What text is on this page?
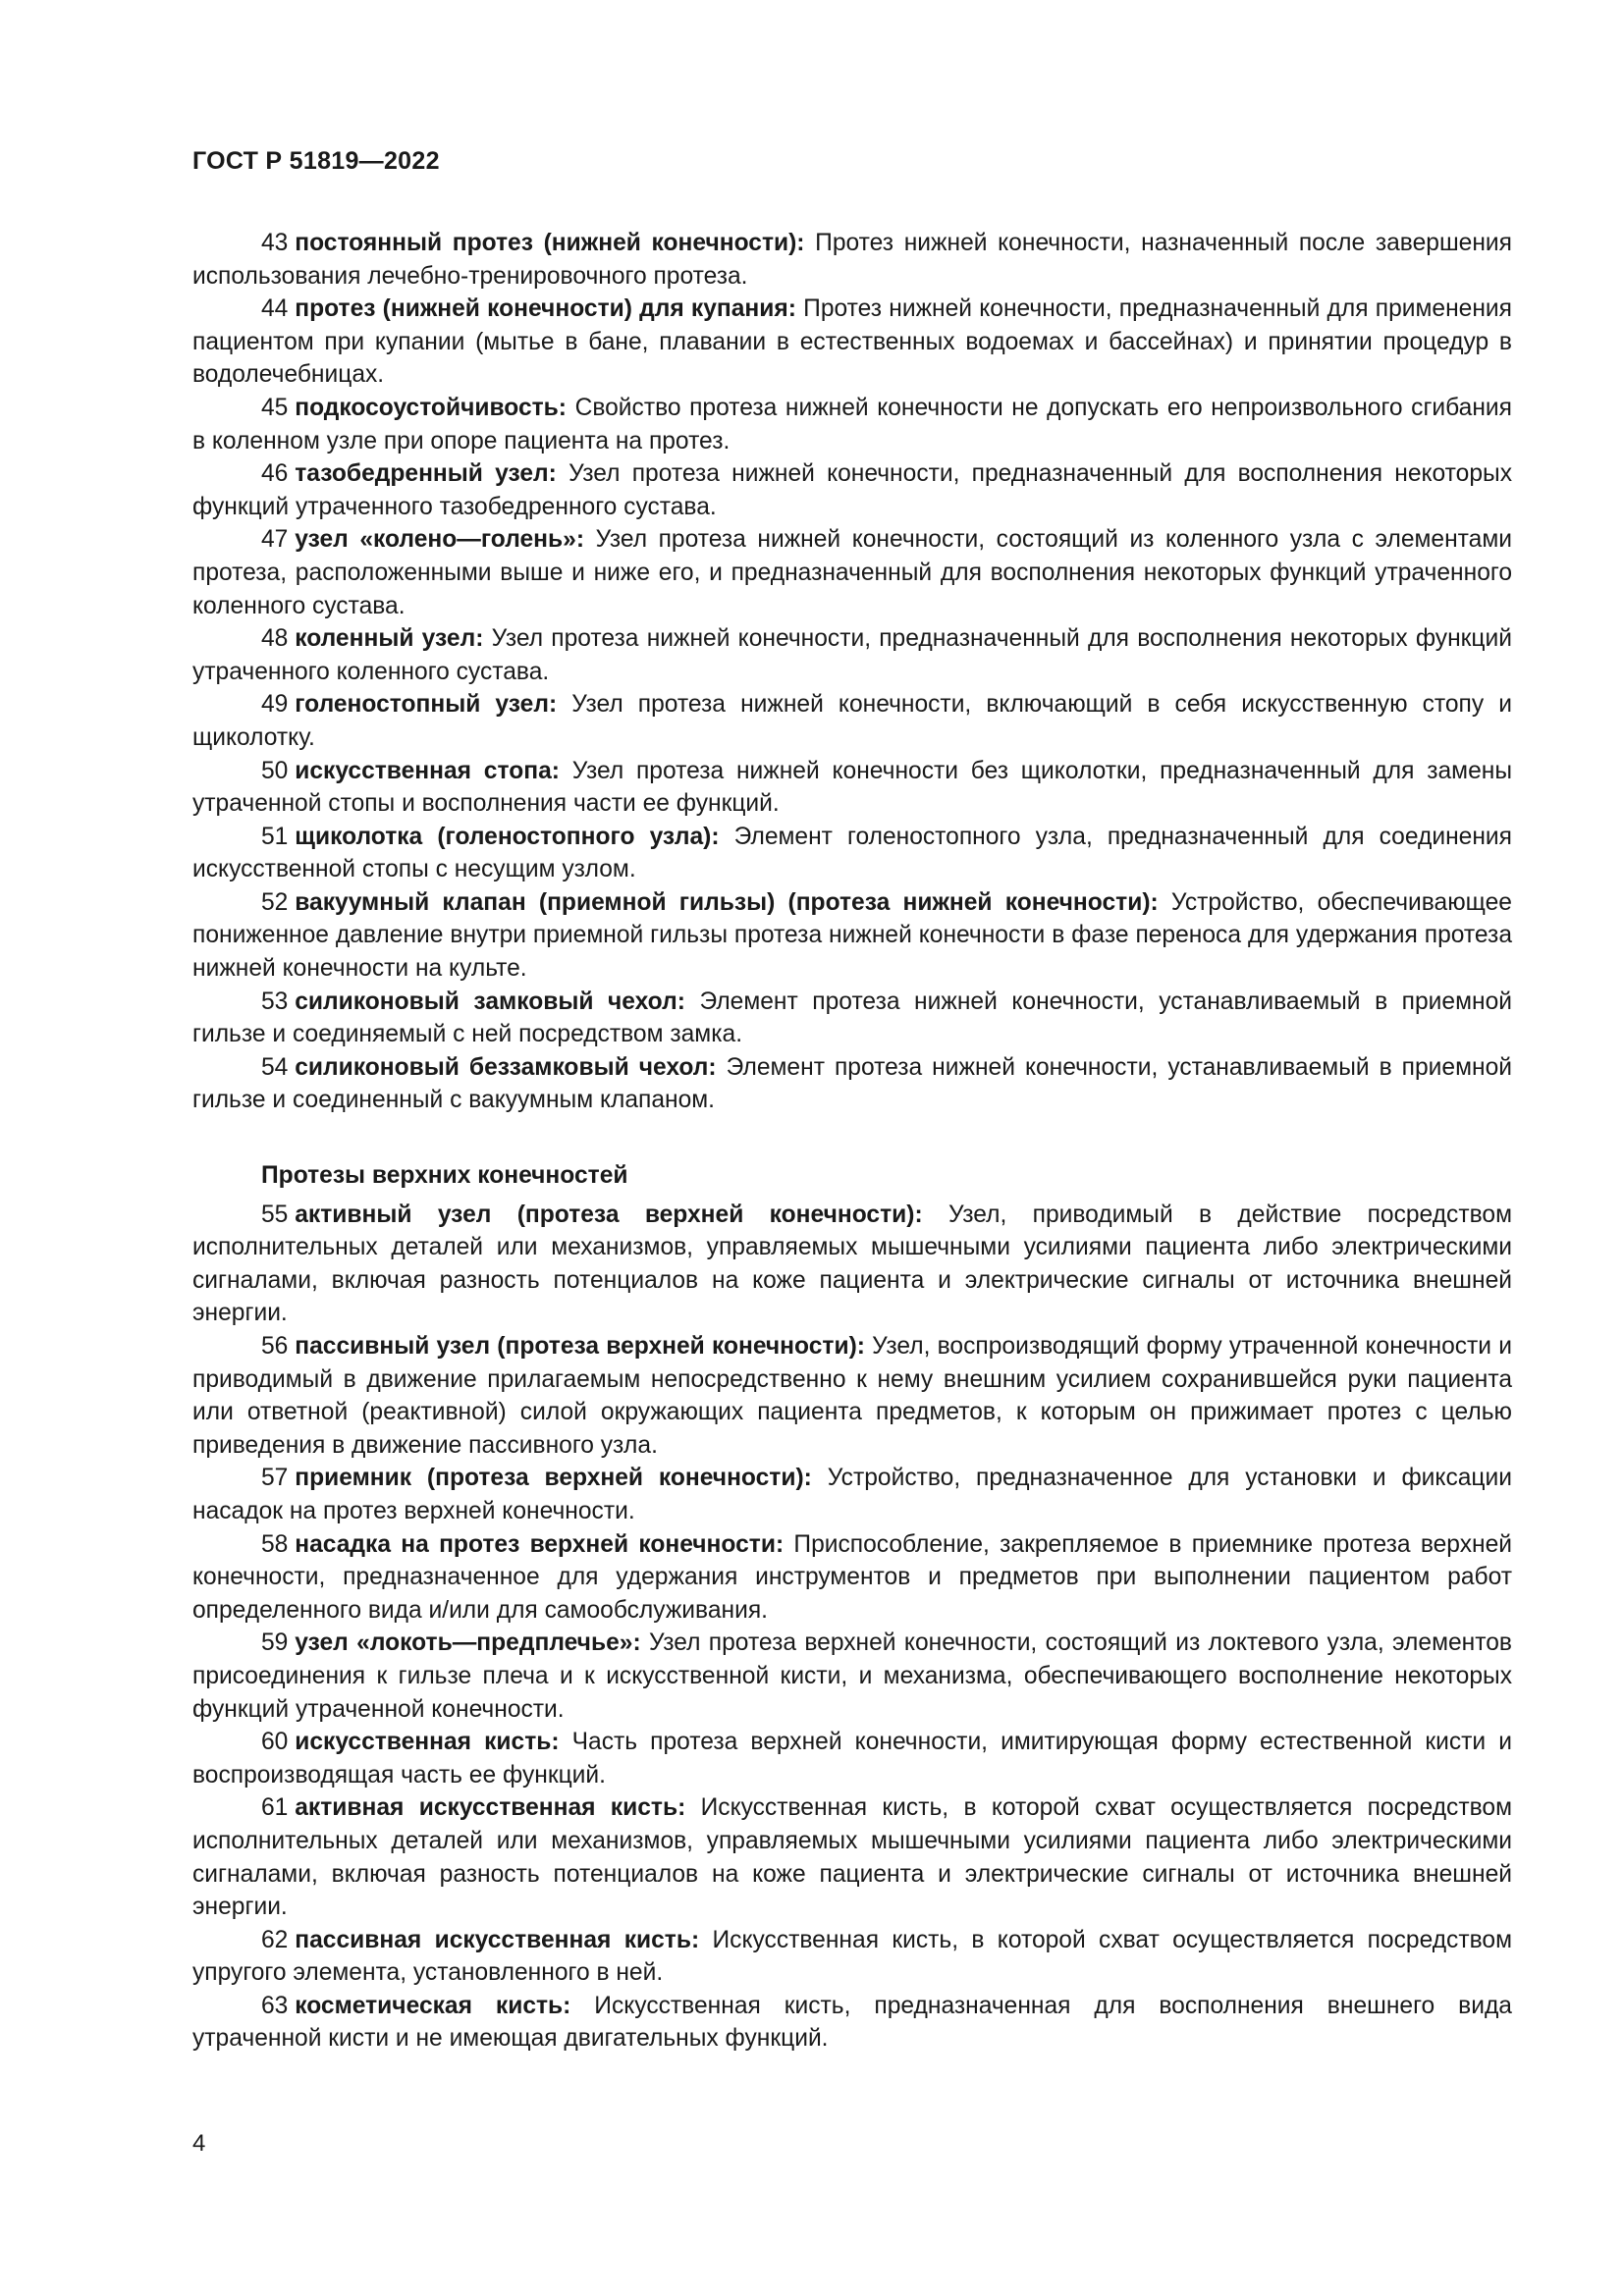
ГОСТ Р 51819—2022

43 постоянный протез (нижней конечности): Протез нижней конечности, назначенный после завершения использования лечебно-тренировочного протеза.

44 протез (нижней конечности) для купания: Протез нижней конечности, предназначенный для применения пациентом при купании (мытье в бане, плавании в естественных водоемах и бассейнах) и принятии процедур в водолечебницах.

45 подкосоустойчивость: Свойство протеза нижней конечности не допускать его непроизвольного сгибания в коленном узле при опоре пациента на протез.

46 тазобедренный узел: Узел протеза нижней конечности, предназначенный для восполнения некоторых функций утраченного тазобедренного сустава.

47 узел «колено—голень»: Узел протеза нижней конечности, состоящий из коленного узла с элементами протеза, расположенными выше и ниже его, и предназначенный для восполнения некоторых функций утраченного коленного сустава.

48 коленный узел: Узел протеза нижней конечности, предназначенный для восполнения некоторых функций утраченного коленного сустава.

49 голеностопный узел: Узел протеза нижней конечности, включающий в себя искусственную стопу и щиколотку.

50 искусственная стопа: Узел протеза нижней конечности без щиколотки, предназначенный для замены утраченной стопы и восполнения части ее функций.

51 щиколотка (голеностопного узла): Элемент голеностопного узла, предназначенный для соединения искусственной стопы с несущим узлом.

52 вакуумный клапан (приемной гильзы) (протеза нижней конечности): Устройство, обеспечивающее пониженное давление внутри приемной гильзы протеза нижней конечности в фазе переноса для удержания протеза нижней конечности на культе.

53 силиконовый замковый чехол: Элемент протеза нижней конечности, устанавливаемый в приемной гильзе и соединяемый с ней посредством замка.

54 силиконовый беззамковый чехол: Элемент протеза нижней конечности, устанавливаемый в приемной гильзе и соединенный с вакуумным клапаном.

Протезы верхних конечностей

55 активный узел (протеза верхней конечности): Узел, приводимый в действие посредством исполнительных деталей или механизмов, управляемых мышечными усилиями пациента либо электрическими сигналами, включая разность потенциалов на коже пациента и электрические сигналы от источника внешней энергии.

56 пассивный узел (протеза верхней конечности): Узел, воспроизводящий форму утраченной конечности и приводимый в движение прилагаемым непосредственно к нему внешним усилием сохранившейся руки пациента или ответной (реактивной) силой окружающих пациента предметов, к которым он прижимает протез с целью приведения в движение пассивного узла.

57 приемник (протеза верхней конечности): Устройство, предназначенное для установки и фиксации насадок на протез верхней конечности.

58 насадка на протез верхней конечности: Приспособление, закрепляемое в приемнике протеза верхней конечности, предназначенное для удержания инструментов и предметов при выполнении пациентом работ определенного вида и/или для самообслуживания.

59 узел «локоть—предплечье»: Узел протеза верхней конечности, состоящий из локтевого узла, элементов присоединения к гильзе плеча и к искусственной кисти, и механизма, обеспечивающего восполнение некоторых функций утраченной конечности.

60 искусственная кисть: Часть протеза верхней конечности, имитирующая форму естественной кисти и воспроизводящая часть ее функций.

61 активная искусственная кисть: Искусственная кисть, в которой схват осуществляется посредством исполнительных деталей или механизмов, управляемых мышечными усилиями пациента либо электрическими сигналами, включая разность потенциалов на коже пациента и электрические сигналы от источника внешней энергии.

62 пассивная искусственная кисть: Искусственная кисть, в которой схват осуществляется посредством упругого элемента, установленного в ней.

63 косметическая кисть: Искусственная кисть, предназначенная для восполнения внешнего вида утраченной кисти и не имеющая двигательных функций.

4
